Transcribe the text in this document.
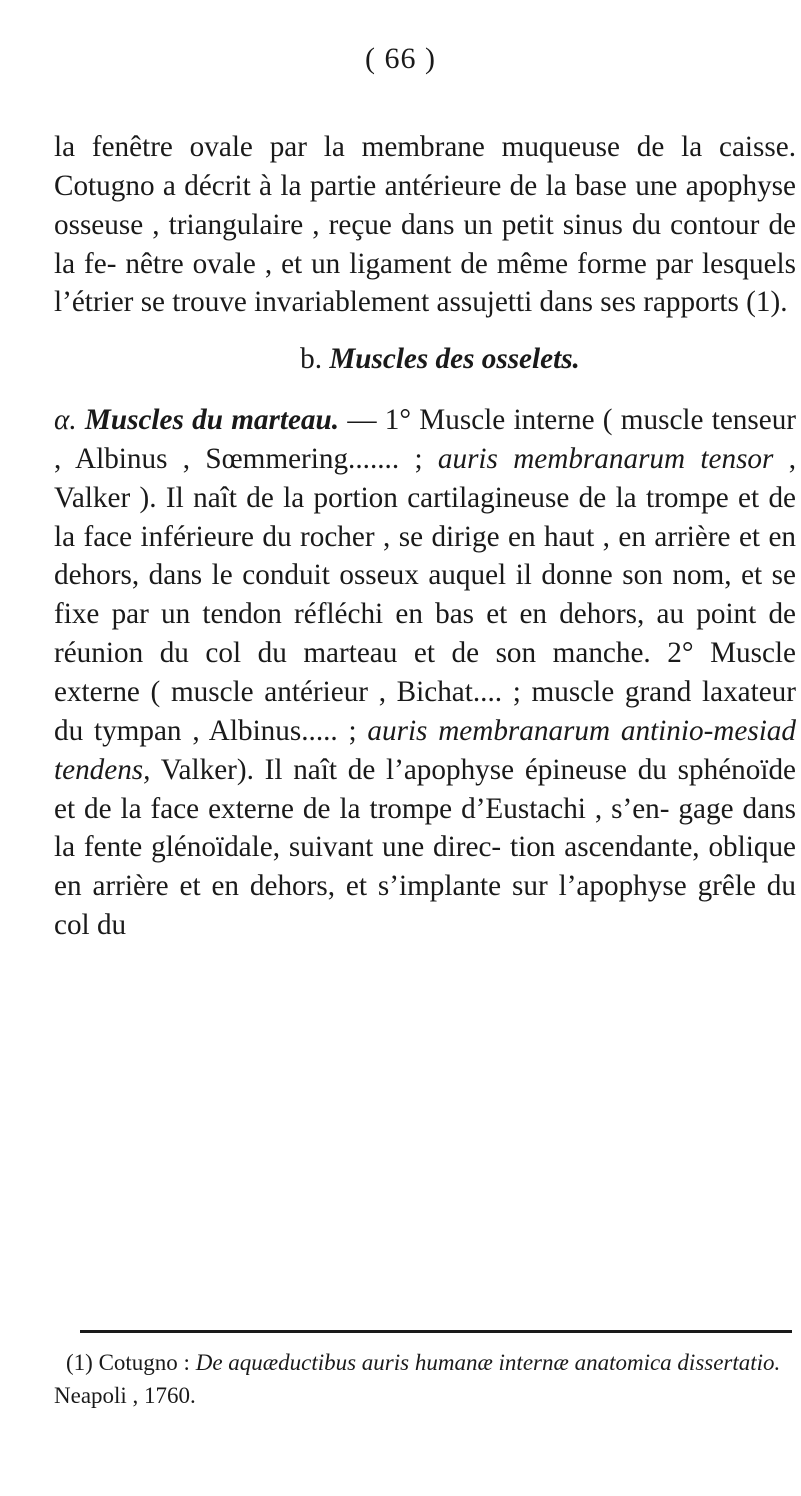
( 66 )

la fenêtre ovale par la membrane muqueuse de la caisse. Cotugno a décrit à la partie antérieure de la base une apophyse osseuse , triangulaire , reçue dans un petit sinus du contour de la fe- nêtre ovale , et un ligament de même forme par lesquels l’étrier se trouve invariablement assujetti dans ses rapports (1).

b. Muscles des osselets.

α. Muscles du marteau. — 1° Muscle interne ( muscle tenseur , Albinus , Sœmmering....... ; auris membranarum tensor , Valker ). Il naît de la portion cartilagineuse de la trompe et de la face inférieure du rocher , se dirige en haut , en arrière et en dehors, dans le conduit osseux auquel il donne son nom, et se fixe par un tendon réfléchi en bas et en dehors, au point de réunion du col du marteau et de son manche. 2° Muscle externe ( muscle antérieur , Bichat.... ; muscle grand laxateur du tympan , Albinus..... ; auris membranarum antinio-mesiad tendens, Valker). Il naît de l’apophyse épineuse du sphénoïde et de la face externe de la trompe d’Eustachi , s’en- gage dans la fente glénoïdale, suivant une direc- tion ascendante, oblique en arrière et en dehors, et s’implante sur l’apophyse grêle du col du

(1) Cotugno : De aquæductibus auris humanæ internæ anatomica dissertatio. Neapoli , 1760.
